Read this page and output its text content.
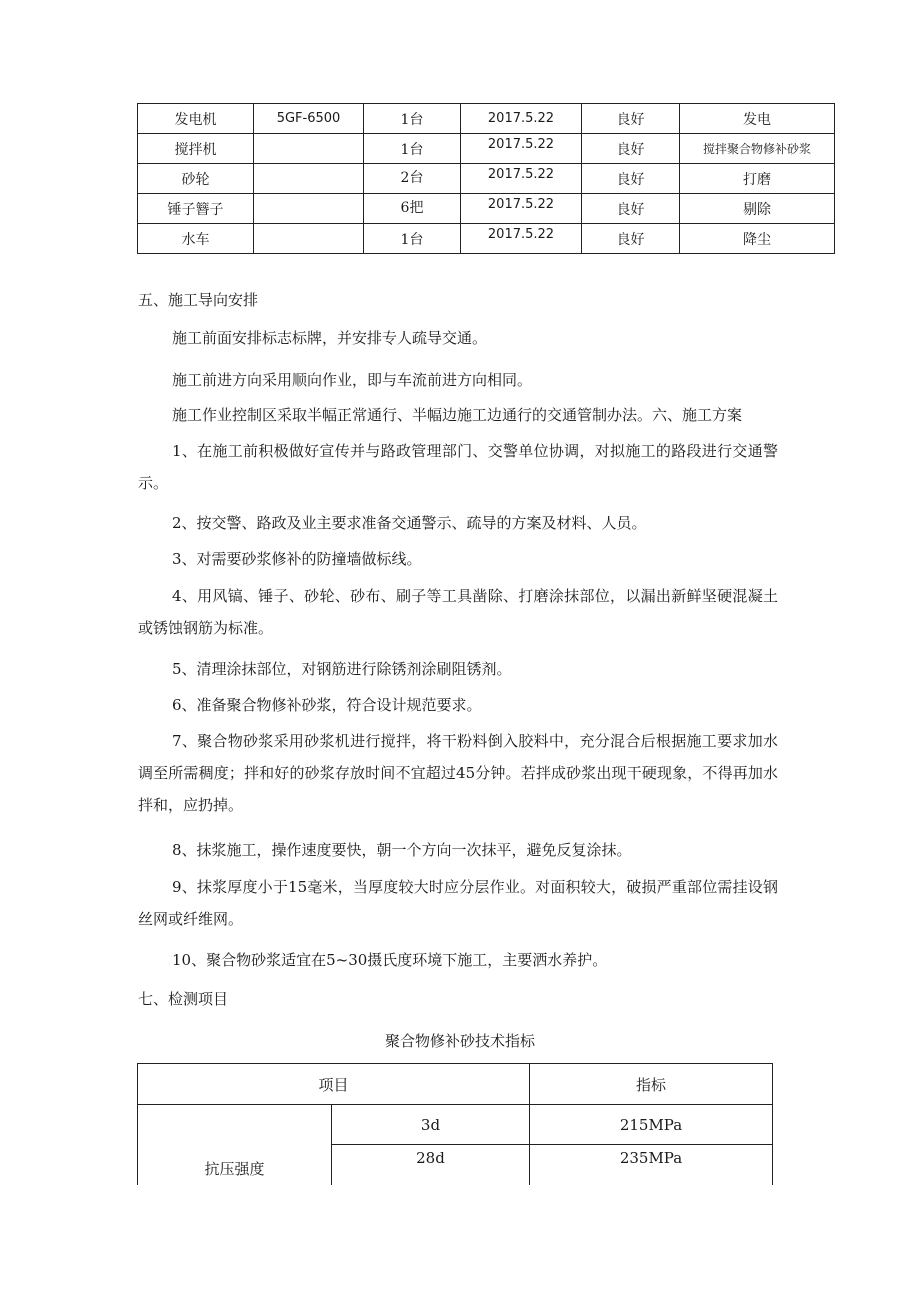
发电机	5GF-6500	1台	2017.5.22	良好	发电
搅拌机		1台	2017.5.22	良好	搅拌聚合物修补砂浆
砂轮		2台	2017.5.22	良好	打磨
锤子簪子		6把	2017.5.22	良好	剔除
水车		1台	2017.5.22	良好	降尘
五、施工导向安排
施工前面安排标志标牌，并安排专人疏导交通。
施工前进方向采用顺向作业，即与车流前进方向相同。
施工作业控制区采取半幅正常通行、半幅边施工边通行的交通管制办法。六、施工方案
1、在施工前积极做好宣传并与路政管理部门、交警单位协调，对拟施工的路段进行交通警示。
2、按交警、路政及业主要求准备交通警示、疏导的方案及材料、人员。
3、对需要砂浆修补的防撞墙做标线。
4、用风镐、锤子、砂轮、砂布、刷子等工具凿除、打磨涂抹部位，以漏出新鲜坚硬混凝土或锈蚀钢筋为标准。
5、清理涂抹部位，对钢筋进行除锈剂涂刷阻锈剂。
6、准备聚合物修补砂浆，符合设计规范要求。
7、聚合物砂浆采用砂浆机进行搅拌，将干粉料倒入胶料中，充分混合后根据施工要求加水调至所需稠度；拌和好的砂浆存放时间不宜超过45分钟。若拌成砂浆出现干硬现象，不得再加水拌和，应扔掉。
8、抹浆施工，操作速度要快，朝一个方向一次抹平，避免反复涂抹。
9、抹浆厚度小于15毫米，当厚度较大时应分层作业。对面积较大，破损严重部位需挂设钢丝网或纤维网。
10、聚合物砂浆适宜在5~30摄氏度环境下施工，主要洒水养护。
七、检测项目
聚合物修补砂技术指标
项目		指标
抗压强度	3d	215MPa
	28d	235MPa
